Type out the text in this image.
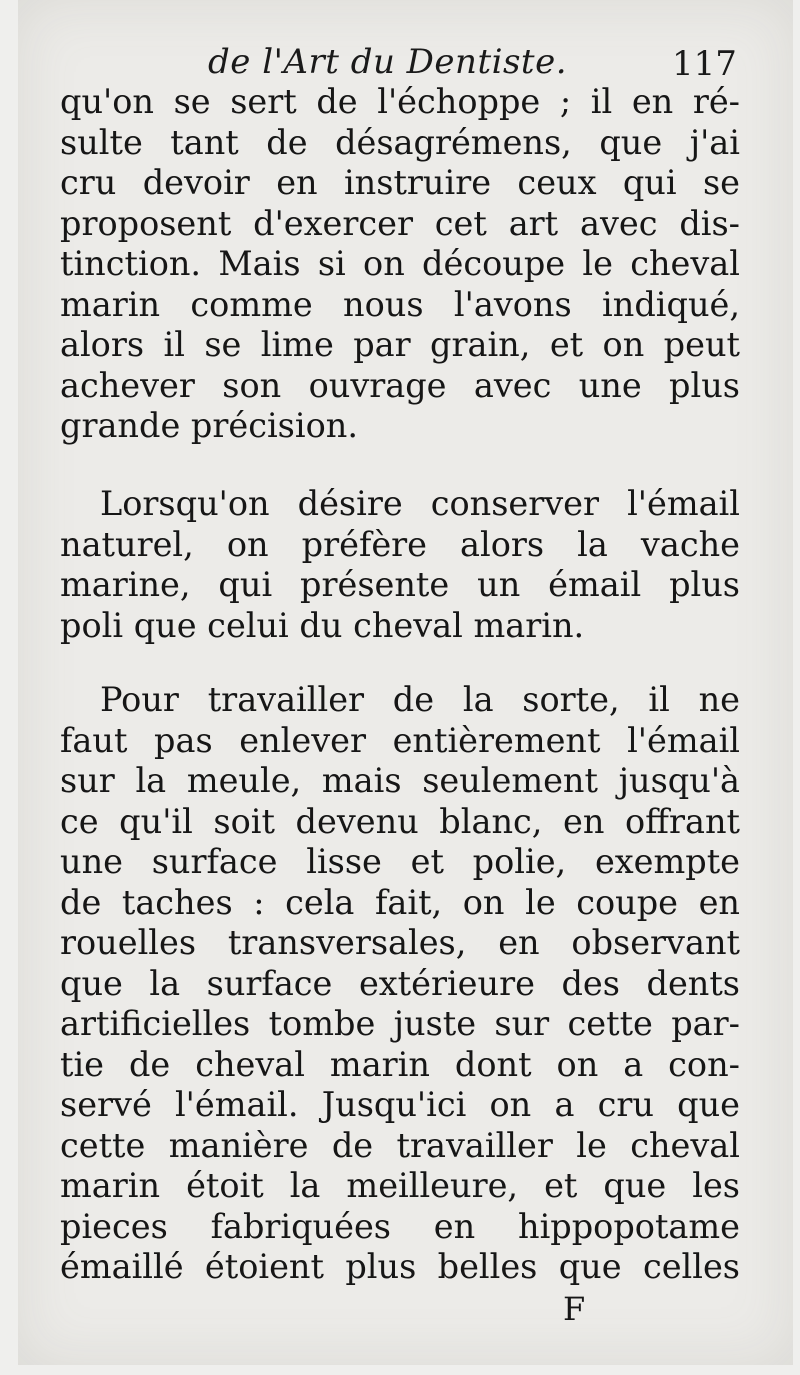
de l'Art du Dentiste.	117
qu'on se sert de l'échoppe ; il en ré-
sulte tant de désagrémens, que j'ai
cru devoir en instruire ceux qui se
proposent d'exercer cet art avec dis-
tinction. Mais si on découpe le cheval
marin comme nous l'avons indiqué,
alors il se lime par grain, et on peut
achever son ouvrage avec une plus
grande précision.
Lorsqu'on désire conserver l'émail
naturel, on préfère alors la vache
marine, qui présente un émail plus
poli que celui du cheval marin.
Pour travailler de la sorte, il ne
faut pas enlever entièrement l'émail
sur la meule, mais seulement jusqu'à
ce qu'il soit devenu blanc, en offrant
une surface lisse et polie, exempte
de taches : cela fait, on le coupe en
rouelles transversales, en observant
que la surface extérieure des dents
artificielles tombe juste sur cette par-
tie de cheval marin dont on a con-
servé l'émail. Jusqu'ici on a cru que
cette manière de travailler le cheval
marin étoit la meilleure, et que les
pieces fabriquées en hippopotame
émaillé étoient plus belles que celles
F
